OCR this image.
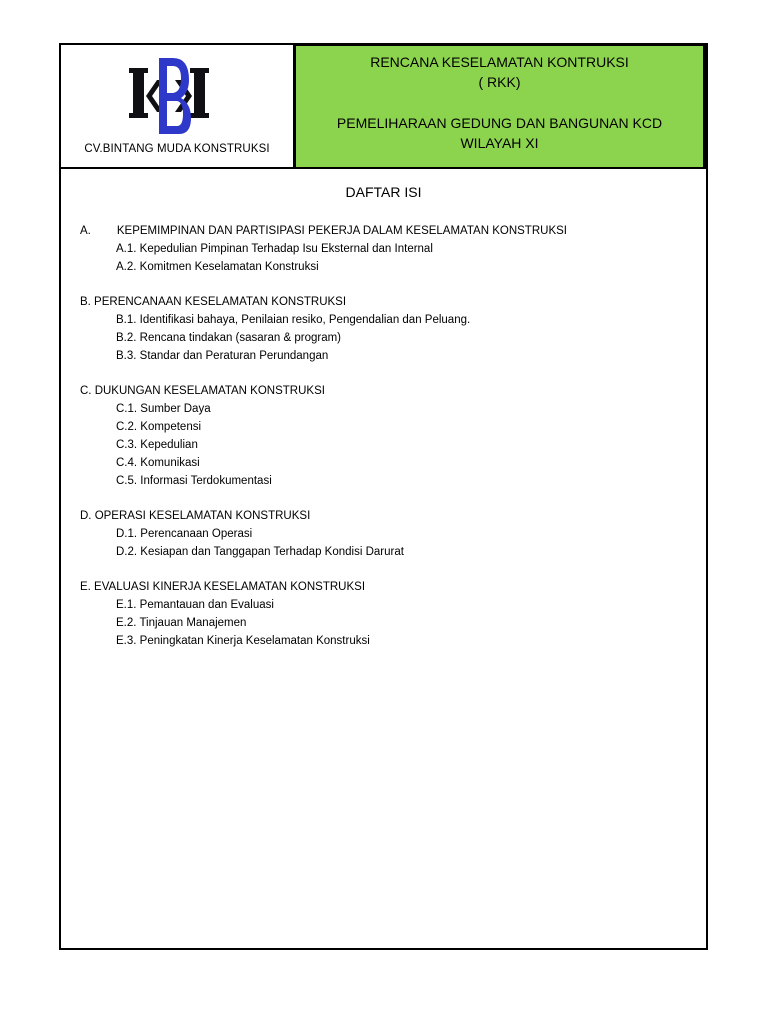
CV.BINTANG MUDA KONSTRUKSI
RENCANA KESELAMATAN KONTRUKSI
( RKK)
PEMELIHARAAN GEDUNG DAN BANGUNAN KCD
WILAYAH XI
DAFTAR ISI
A. KEPEMIMPINAN DAN PARTISIPASI PEKERJA DALAM KESELAMATAN KONSTRUKSI
A.1. Kepedulian Pimpinan Terhadap Isu Eksternal dan Internal
A.2. Komitmen Keselamatan Konstruksi
B. PERENCANAAN KESELAMATAN KONSTRUKSI
B.1. Identifikasi bahaya, Penilaian resiko, Pengendalian dan Peluang.
B.2. Rencana tindakan (sasaran & program)
B.3. Standar dan Peraturan Perundangan
C. DUKUNGAN KESELAMATAN KONSTRUKSI
C.1. Sumber Daya
C.2. Kompetensi
C.3. Kepedulian
C.4. Komunikasi
C.5. Informasi Terdokumentasi
D. OPERASI KESELAMATAN KONSTRUKSI
D.1. Perencanaan Operasi
D.2. Kesiapan dan Tanggapan Terhadap Kondisi Darurat
E. EVALUASI KINERJA KESELAMATAN KONSTRUKSI
E.1. Pemantauan dan Evaluasi
E.2. Tinjauan Manajemen
E.3. Peningkatan Kinerja Keselamatan Konstruksi
